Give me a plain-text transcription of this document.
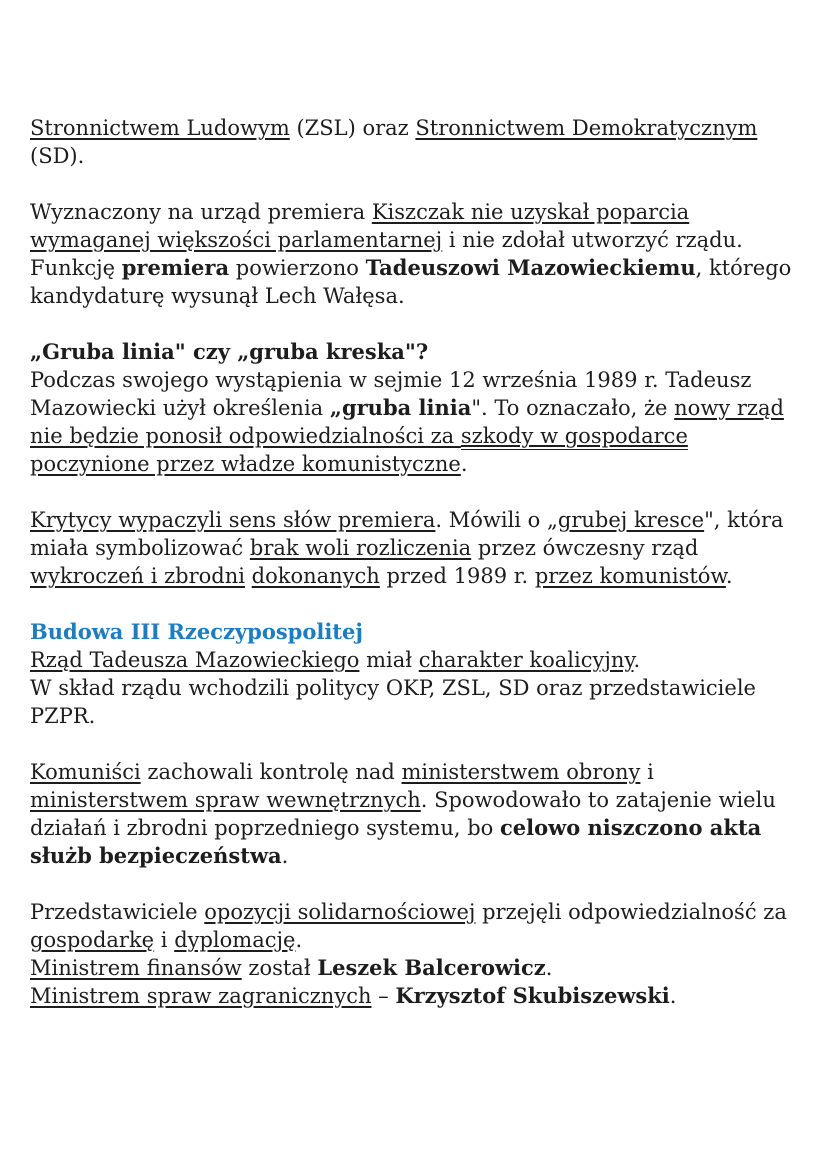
Stronnictwem Ludowym (ZSL) oraz Stronnictwem Demokratycznym
(SD).

Wyznaczony na urząd premiera Kiszczak nie uzyskał poparcia
wymaganej większości parlamentarnej i nie zdołał utworzyć rządu.
Funkcję premiera powierzono Tadeuszowi Mazowieckiemu, którego
kandydaturę wysunął Lech Wałęsa.

„Gruba linia" czy „gruba kreska"?

Podczas swojego wystąpienia w sejmie 12 września 1989 r. Tadeusz
Mazowiecki użył określenia „gruba linia". To oznaczało, że nowy rząd
nie będzie ponosił odpowiedzialności za szkody w gospodarce
poczynione przez władze komunistyczne.

Krytycy wypaczyli sens słów premiera. Mówili o „grubej kresce", która
miała symbolizować brak woli rozliczenia przez ówczesny rząd
wykroczeń i zbrodni dokonanych przed 1989 r. przez komunistów.

Budowa III Rzeczypospolitej

Rząd Tadeusza Mazowieckiego miał charakter koalicyjny.
W skład rządu wchodzili politycy OKP, ZSL, SD oraz przedstawiciele
PZPR.

Komuniści zachowali kontrolę nad ministerstwem obrony i
ministerstwem spraw wewnętrznych. Spowodowało to zatajenie wielu
działań i zbrodni poprzedniego systemu, bo celowo niszczono akta
służb bezpieczeństwa.

Przedstawiciele opozycji solidarnościowej przejęli odpowiedzialność za
gospodarkę i dyplomację.
Ministrem finansów został Leszek Balcerowicz.
Ministrem spraw zagranicznych – Krzysztof Skubiszewski.
